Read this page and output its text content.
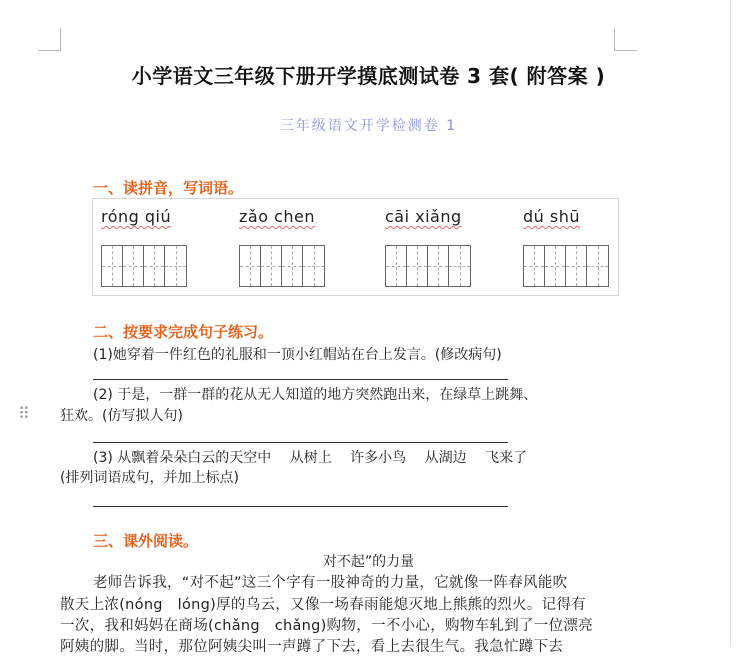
⠿
小学语文三年级下册开学摸底测试卷 3 套( 附答案 )
三年级语文开学检测卷 1
一、读拼音，写词语。
róng qiú	zǎo chen	cāi xiǎng	dú shū
二、按要求完成句子练习。
(1)她穿着一件红色的礼服和一顶小红帽站在台上发言。(修改病句)
(2) 于是，一群一群的花从无人知道的地方突然跑出来，在绿草上跳舞、
狂欢。(仿写拟人句)
(3) 从飘着朵朵白云的天空中　 从树上　 许多小鸟　 从湖边　 飞来了
(排列词语成句，并加上标点)
三、课外阅读。
对不起”的力量
老师告诉我，“对不起”这三个字有一股神奇的力量，它就像一阵春风能吹
散天上浓(nóng　lóng)厚的乌云，又像一场春雨能熄灭地上熊熊的烈火。记得有
一次，我和妈妈在商场(chǎng　chǎng)购物，一不小心，购物车轧到了一位漂亮
阿姨的脚。当时，那位阿姨尖叫一声蹲了下去，看上去很生气。我急忙蹲下去
